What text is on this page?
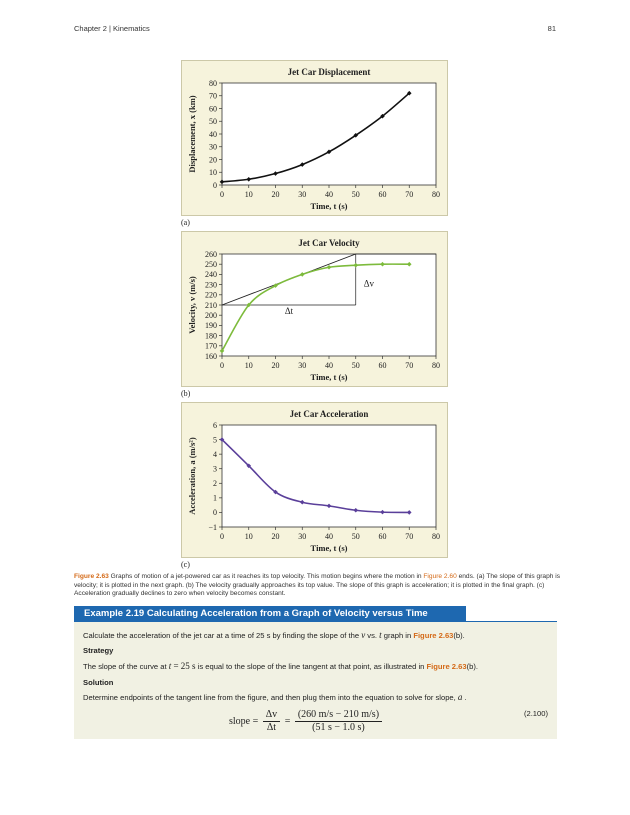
Chapter 2 | Kinematics	81
Jet Car Displacement
0	10 20 30 40 50 60 70 80
0
10
20
30
40
50
60
70
80
Time, t (s)
Displacement, x (km)
(a)
Jet Car Velocity
0	10 20 30 40 50 60 70 80
160
170
180
190
200
210
220
230
240
250
260
Time, t (s)
Velocity, v (m/s)	Δv
Δt
(b)
Jet Car Acceleration
0	10 20 30 40 50 60 70 80
−1
0
1
2
3
4
5
6
Time, t (s)
Acceleration, a (m/s²)
(c)
Figure 2.63 Graphs of motion of a jet-powered car as it reaches its top velocity. This motion begins where the motion in Figure 2.60 ends. (a) The slope of this graph is velocity; it is plotted in the next graph. (b) The velocity gradually approaches its top value. The slope of this graph is acceleration; it is plotted in the final graph. (c) Acceleration gradually declines to zero when velocity becomes constant.
Example 2.19 Calculating Acceleration from a Graph of Velocity versus Time
Calculate the acceleration of the jet car at a time of 25 s by finding the slope of the v vs. t graph in Figure 2.63(b).
Strategy
The slope of the curve at t = 25 s is equal to the slope of the line tangent at that point, as illustrated in Figure 2.63(b).
Solution
Determine endpoints of the tangent line from the figure, and then plug them into the equation to solve for slope, a .
slope = $\frac{\Delta v}{\Delta t} = \frac{(260 m/s - 210 m/s)}{(51 s - 1.0 s)}$	(2.100)
